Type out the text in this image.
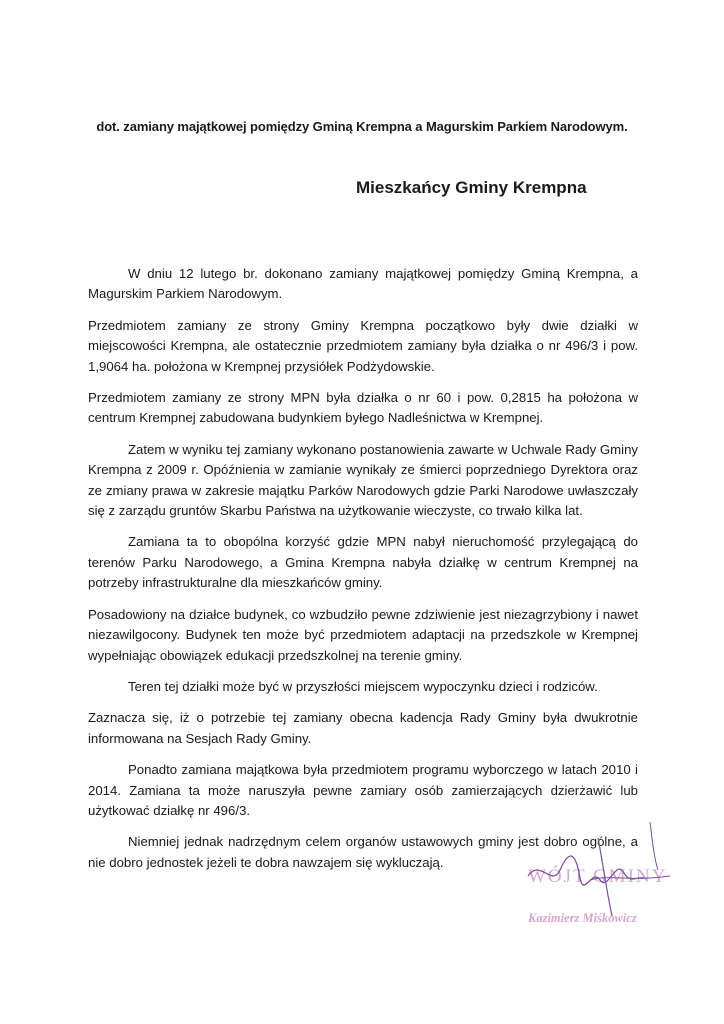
dot. zamiany majątkowej pomiędzy Gminą Krempna a Magurskim Parkiem Narodowym.
Mieszkańcy Gminy Krempna

W dniu 12 lutego br. dokonano zamiany majątkowej pomiędzy Gminą Krempna, a Magurskim Parkiem Narodowym.

Przedmiotem zamiany ze strony Gminy Krempna początkowo były dwie działki w miejscowości Krempna, ale ostatecznie przedmiotem zamiany była działka o nr 496/3 i pow. 1,9064 ha. położona w Krempnej przysiółek Podżydowskie.

Przedmiotem zamiany ze strony MPN była działka o nr 60 i pow. 0,2815 ha położona w centrum Krempnej zabudowana budynkiem byłego Nadleśnictwa w Krempnej.

Zatem w wyniku tej zamiany wykonano postanowienia zawarte w Uchwale Rady Gminy Krempna z 2009 r. Opóźnienia w zamianie wynikały ze śmierci poprzedniego Dyrektora oraz ze zmiany prawa w zakresie majątku Parków Narodowych gdzie Parki Narodowe uwłaszczały się z zarządu gruntów Skarbu Państwa na użytkowanie wieczyste, co trwało kilka lat.

Zamiana ta to obopólna korzyść gdzie MPN nabył nieruchomość przylegającą do terenów Parku Narodowego, a Gmina Krempna nabyła działkę w centrum Krempnej na potrzeby infrastrukturalne dla mieszkańców gminy.

Posadowiony na działce budynek, co wzbudziło pewne zdziwienie jest niezagrzybiony i nawet niezawilgocony. Budynek ten może być przedmiotem adaptacji na przedszkole w Krempnej wypełniając obowiązek edukacji przedszkolnej na terenie gminy.

Teren tej działki może być w przyszłości miejscem wypoczynku dzieci i rodziców.

Zaznacza się, iż o potrzebie tej zamiany obecna kadencja Rady Gminy była dwukrotnie informowana na Sesjach Rady Gminy.

Ponadto zamiana majątkowa była przedmiotem programu wyborczego w latach 2010 i 2014. Zamiana ta może naruszyła pewne zamiary osób zamierzających dzierżawić lub użytkować działkę nr 496/3.

Niemniej jednak nadrzędnym celem organów ustawowych gminy jest dobro ogólne, a nie dobro jednostek jeżeli te dobra nawzajem się wykluczają.

WÓJT GMINY
Kazimierz Miśkowicz
